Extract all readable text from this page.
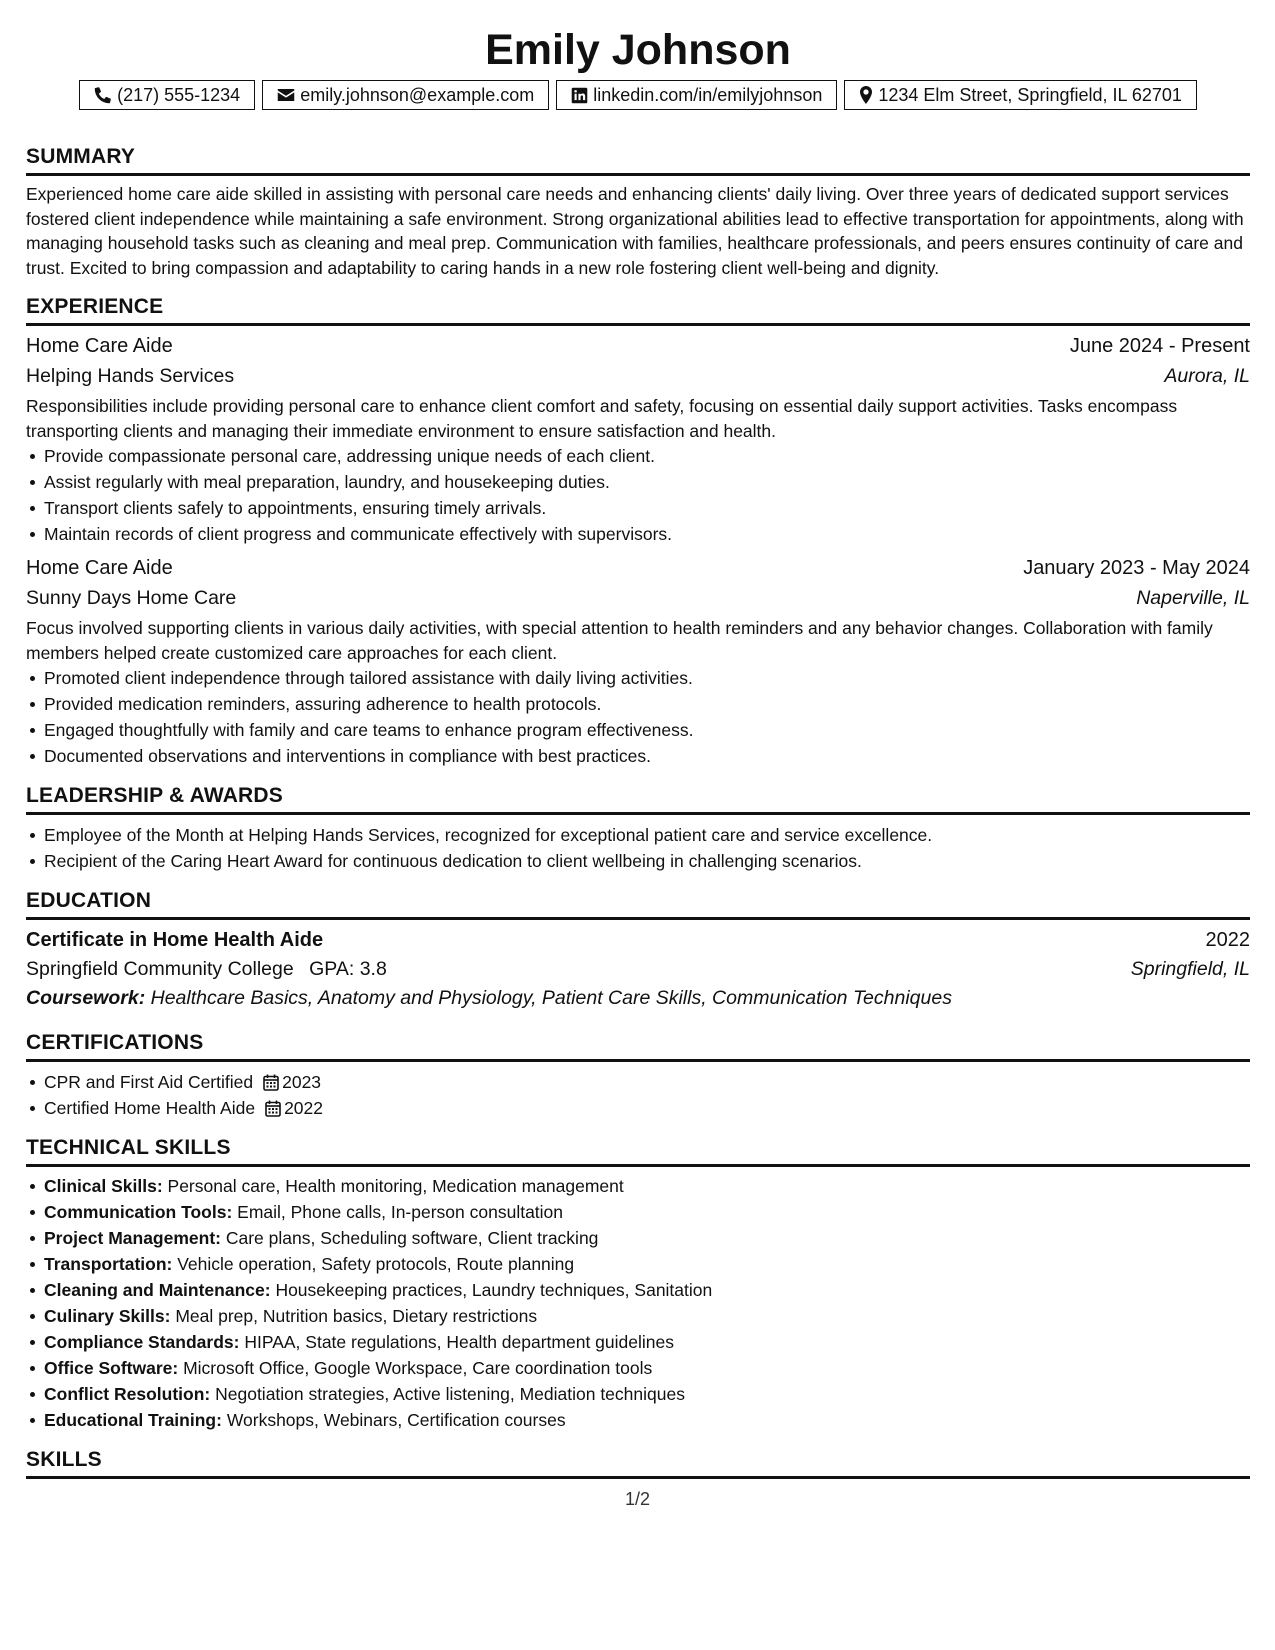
Emily Johnson
(217) 555-1234	emily.johnson@example.com	linkedin.com/in/emilyjohnson	1234 Elm Street, Springfield, IL 62701
SUMMARY
Experienced home care aide skilled in assisting with personal care needs and enhancing clients' daily living. Over three years of dedicated support services fostered client independence while maintaining a safe environment. Strong organizational abilities lead to effective transportation for appointments, along with managing household tasks such as cleaning and meal prep. Communication with families, healthcare professionals, and peers ensures continuity of care and trust. Excited to bring compassion and adaptability to caring hands in a new role fostering client well-being and dignity.
EXPERIENCE
Home Care Aide	June 2024 - Present
Helping Hands Services	Aurora, IL
Responsibilities include providing personal care to enhance client comfort and safety, focusing on essential daily support activities. Tasks encompass transporting clients and managing their immediate environment to ensure satisfaction and health.
Provide compassionate personal care, addressing unique needs of each client.
Assist regularly with meal preparation, laundry, and housekeeping duties.
Transport clients safely to appointments, ensuring timely arrivals.
Maintain records of client progress and communicate effectively with supervisors.
Home Care Aide	January 2023 - May 2024
Sunny Days Home Care	Naperville, IL
Focus involved supporting clients in various daily activities, with special attention to health reminders and any behavior changes. Collaboration with family members helped create customized care approaches for each client.
Promoted client independence through tailored assistance with daily living activities.
Provided medication reminders, assuring adherence to health protocols.
Engaged thoughtfully with family and care teams to enhance program effectiveness.
Documented observations and interventions in compliance with best practices.
LEADERSHIP & AWARDS
Employee of the Month at Helping Hands Services, recognized for exceptional patient care and service excellence.
Recipient of the Caring Heart Award for continuous dedication to client wellbeing in challenging scenarios.
EDUCATION
Certificate in Home Health Aide	2022
Springfield Community College GPA: 3.8	Springfield, IL
Coursework: Healthcare Basics, Anatomy and Physiology, Patient Care Skills, Communication Techniques
CERTIFICATIONS
CPR and First Aid Certified 2023
Certified Home Health Aide 2022
TECHNICAL SKILLS
Clinical Skills: Personal care, Health monitoring, Medication management
Communication Tools: Email, Phone calls, In-person consultation
Project Management: Care plans, Scheduling software, Client tracking
Transportation: Vehicle operation, Safety protocols, Route planning
Cleaning and Maintenance: Housekeeping practices, Laundry techniques, Sanitation
Culinary Skills: Meal prep, Nutrition basics, Dietary restrictions
Compliance Standards: HIPAA, State regulations, Health department guidelines
Office Software: Microsoft Office, Google Workspace, Care coordination tools
Conflict Resolution: Negotiation strategies, Active listening, Mediation techniques
Educational Training: Workshops, Webinars, Certification courses
SKILLS
1/2
